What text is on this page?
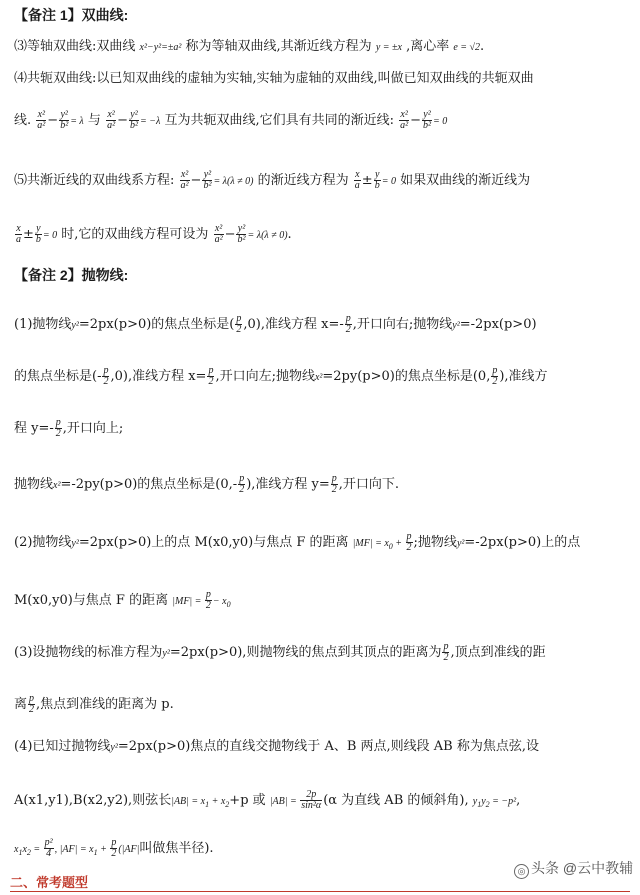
【备注 1】双曲线:
⑶等轴双曲线:双曲线 x²−y²=±a² 称为等轴双曲线,其渐近线方程为 y = ±x ,离心率 e = √2.
⑷共轭双曲线:以已知双曲线的虚轴为实轴,实轴为虚轴的双曲线,叫做已知双曲线的共轭双曲
线. $\frac{\text{x²}}{\text{a²}} - \frac{\text{y²}}{\text{b²}} = \lambda$ 与 $\frac{\text{x²}}{\text{a²}} - \frac{\text{y²}}{\text{b²}} = -\lambda$ 互为共轭双曲线,它们具有共同的渐近线: $\frac{\text{x²}}{\text{a²}} - \frac{\text{y²}}{\text{b²}} = 0$
⑸共渐近线的双曲线系方程: $\frac{\text{x²}}{\text{a²}} - \frac{\text{y²}}{\text{b²}} = \lambda(\lambda \ne 0)$ 的渐近线方程为 $\frac{x}{a} \pm \frac{y}{b} = 0$ 如果双曲线的渐近线为
$\frac{x}{a} \pm \frac{y}{b} = 0$ 时,它的双曲线方程可设为 $\frac{\text{x²}}{\text{a²}} - \frac{\text{y²}}{\text{b²}} = \lambda(\lambda \ne 0)$.
【备注 2】抛物线:
(1)抛物线y²=2px(p>0)的焦点坐标是( $\frac{p}{2} ,0$),准线方程 $x=- \frac{p}{2}$ ,开口向右;抛物线y²=-2px(p>0)
的焦点坐标是(- $\frac{p}{2} ,0$),准线方程 $x= \frac{p}{2}$ ,开口向左;抛物线x²=2py(p>0)的焦点坐标是(0, $\frac{p}{2}$ ),准线方
程 $y=- \frac{p}{2}$ ,开口向上;
抛物线x²=-2py(p>0)的焦点坐标是($0,- \frac{p}{2}$ ),准线方程 $y= \frac{p}{2}$ ,开口向下.
(2)抛物线y²=2px(p>0)上的点 M(x0,y0)与焦点 F 的距离 $|MF| = x_0 + \frac{p}{2}$ ;抛物线y²=-2px(p>0)上的点
M(x0,y0)与焦点 F 的距离 $|MF| = \frac{p}{2} - x_0$
(3)设抛物线的标准方程为y²=2px(p>0),则抛物线的焦点到其顶点的距离为 $\frac{p}{2}$ ,顶点到准线的距
离 $\frac{p}{2}$ ,焦点到准线的距离为 p.
(4)已知过抛物线y²=2px(p>0)焦点的直线交抛物线于 A、B 两点,则线段 AB 称为焦点弦,设
A(x1,y1),B(x2,y2),则弦长$|AB| = x_1 + x_2+p$ 或 $|AB| = \frac{2p}{\text{sin²α}} (\alpha$ 为直线 AB 的倾斜角), $y_1y_2 = -p^2$,
$x_1x_2 = \frac{\text{p²}}{4}$ , $|AF| = x_1 + \frac{p}{2} (|AF|$叫做焦半径).
二、常考题型
◎ 头条 @云中教辅
